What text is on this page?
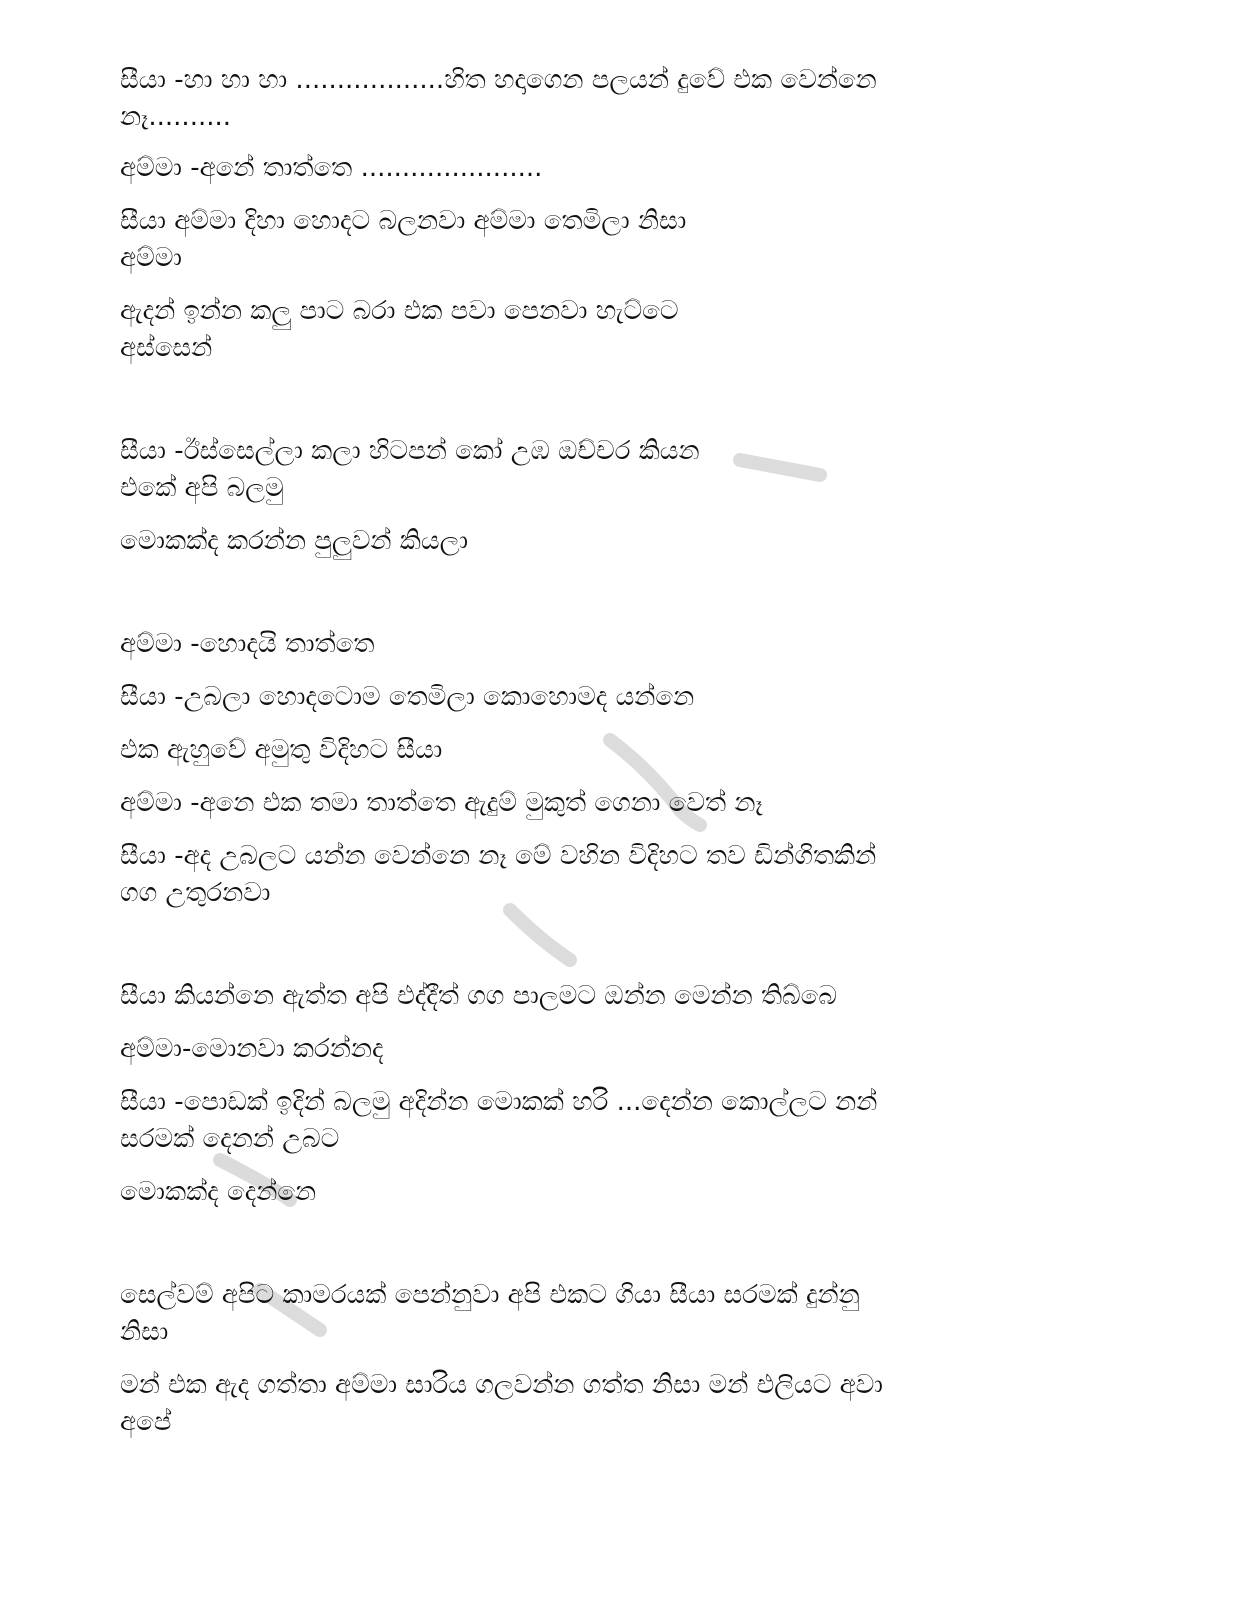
සීයා -හා හා හා ..................හිත හදාගෙන පලයන් දුවේ එක වෙන්නෙ
නෑ..........

අම්මා -අනේ තාත්තෙ ......................

සීයා අම්මා දිහා හොදට බලනවා අම්මා තෙමිලා නිසා
අම්මා

ඇදන් ඉන්න කලු පාට බරා එක පවා පෙනවා හැට්ටෙ
අස්සෙන්

සීයා -ඊස්සෙල්ලා කලා හිටපන් කෝ උඹ ඔච්චර කියන
එකේ අපි බලමු

මොකක්ද කරන්න පුලුවන් කියලා

අම්මා -හොදයි තාත්තෙ

සීයා -උබලා හොදටොම තෙමිලා කොහොමද යන්නෙ

එක ඇහුවේ අමුතු විදිහට සීයා

අම්මා -අනෙ එක තමා තාත්තෙ ඇදුම් මුකුත් ගෙනා වෙත් නෑ

සීයා -අද උබලට යන්න වෙන්නෙ නෑ මේ වහින විදිහට තව ඩින්ගිතකින්
ගග උතුරනවා

සීයා කියන්නෙ ඇත්ත අපි එද්දීත් ගග පාලමට ඔන්න මෙන්න තිබ්බෙ

අම්මා-මොනවා කරන්නද

සීයා -පොඩක් ඉදින් බලමු අදින්න මොකක් හරි ...දෙන්න කොල්ලට නන්
සරමක් දෙනන් උබට

මොකක්ද දෙන්නෙ

සෙල්වම් අපිට කාමරයක් පෙන්නුවා අපි එකට ගියා සීයා සරමක් දුන්නු
නිසා

මන් එක ඇද ගත්තා අම්මා සාරිය ගලවන්න ගත්ත නිසා මන් එලියට අවා
අපේ
